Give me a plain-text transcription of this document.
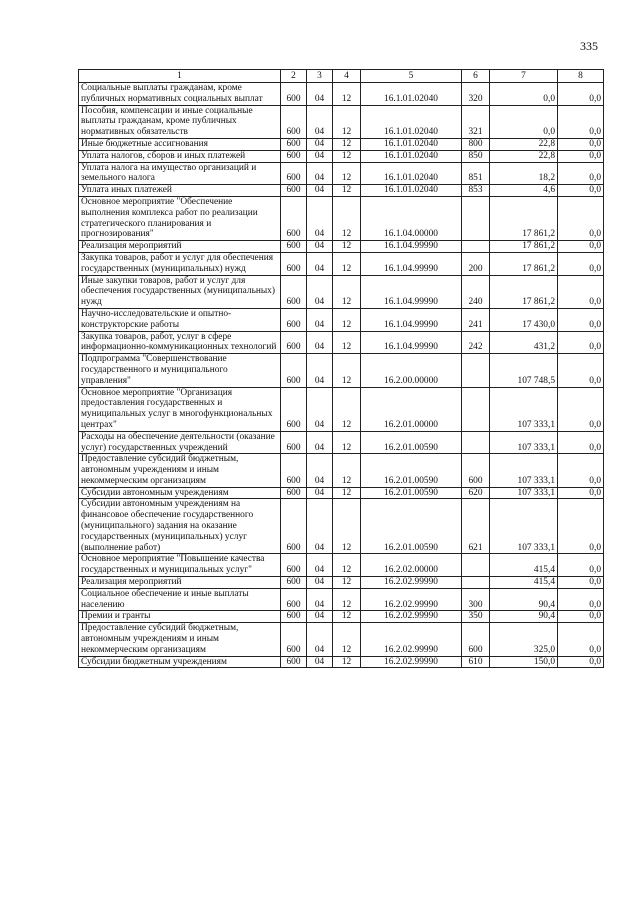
335
1	2	3	4	5	6	7	8
Социальные выплаты гражданам, кроме публичных нормативных социальных выплат	600	04	12	16.1.01.02040	320	0,0	0,0
Пособия, компенсации и иные социальные выплаты гражданам, кроме публичных нормативных обязательств	600	04	12	16.1.01.02040	321	0,0	0,0
Иные бюджетные ассигнования	600	04	12	16.1.01.02040	800	22,8	0,0
Уплата налогов, сборов и иных платежей	600	04	12	16.1.01.02040	850	22,8	0,0
Уплата налога на имущество организаций и земельного налога	600	04	12	16.1.01.02040	851	18,2	0,0
Уплата иных платежей	600	04	12	16.1.01.02040	853	4,6	0,0
Основное мероприятие "Обеспечение выполнения комплекса работ по реализации стратегического планирования и прогнозирования"	600	04	12	16.1.04.00000		17 861,2	0,0
Реализация мероприятий	600	04	12	16.1.04.99990		17 861,2	0,0
Закупка товаров, работ и услуг для обеспечения государственных (муниципальных) нужд	600	04	12	16.1.04.99990	200	17 861,2	0,0
Иные закупки товаров, работ и услуг для обеспечения государственных (муниципальных) нужд	600	04	12	16.1.04.99990	240	17 861,2	0,0
Научно-исследовательские и опытно-конструкторские работы	600	04	12	16.1.04.99990	241	17 430,0	0,0
Закупка товаров, работ, услуг в сфере информационно-коммуникационных технологий	600	04	12	16.1.04.99990	242	431,2	0,0
Подпрограмма "Совершенствование государственного и муниципального управления"	600	04	12	16.2.00.00000		107 748,5	0,0
Основное мероприятие "Организация предоставления государственных и муниципальных услуг в многофункциональных центрах"	600	04	12	16.2.01.00000		107 333,1	0,0
Расходы на обеспечение деятельности (оказание услуг) государственных учреждений	600	04	12	16.2.01.00590		107 333,1	0,0
Предоставление субсидий бюджетным, автономным учреждениям и иным некоммерческим организациям	600	04	12	16.2.01.00590	600	107 333,1	0,0
Субсидии автономным учреждениям	600	04	12	16.2.01.00590	620	107 333,1	0,0
Субсидии автономным учреждениям на финансовое обеспечение государственного (муниципального) задания на оказание государственных (муниципальных) услуг (выполнение работ)	600	04	12	16.2.01.00590	621	107 333,1	0,0
Основное мероприятие "Повышение качества государственных и муниципальных услуг"	600	04	12	16.2.02.00000		415,4	0,0
Реализация мероприятий	600	04	12	16.2.02.99990		415,4	0,0
Социальное обеспечение и иные выплаты населению	600	04	12	16.2.02.99990	300	90,4	0,0
Премии и гранты	600	04	12	16.2.02.99990	350	90,4	0,0
Предоставление субсидий бюджетным, автономным учреждениям и иным некоммерческим организациям	600	04	12	16.2.02.99990	600	325,0	0,0
Субсидии бюджетным учреждениям	600	04	12	16.2.02.99990	610	150,0	0,0
